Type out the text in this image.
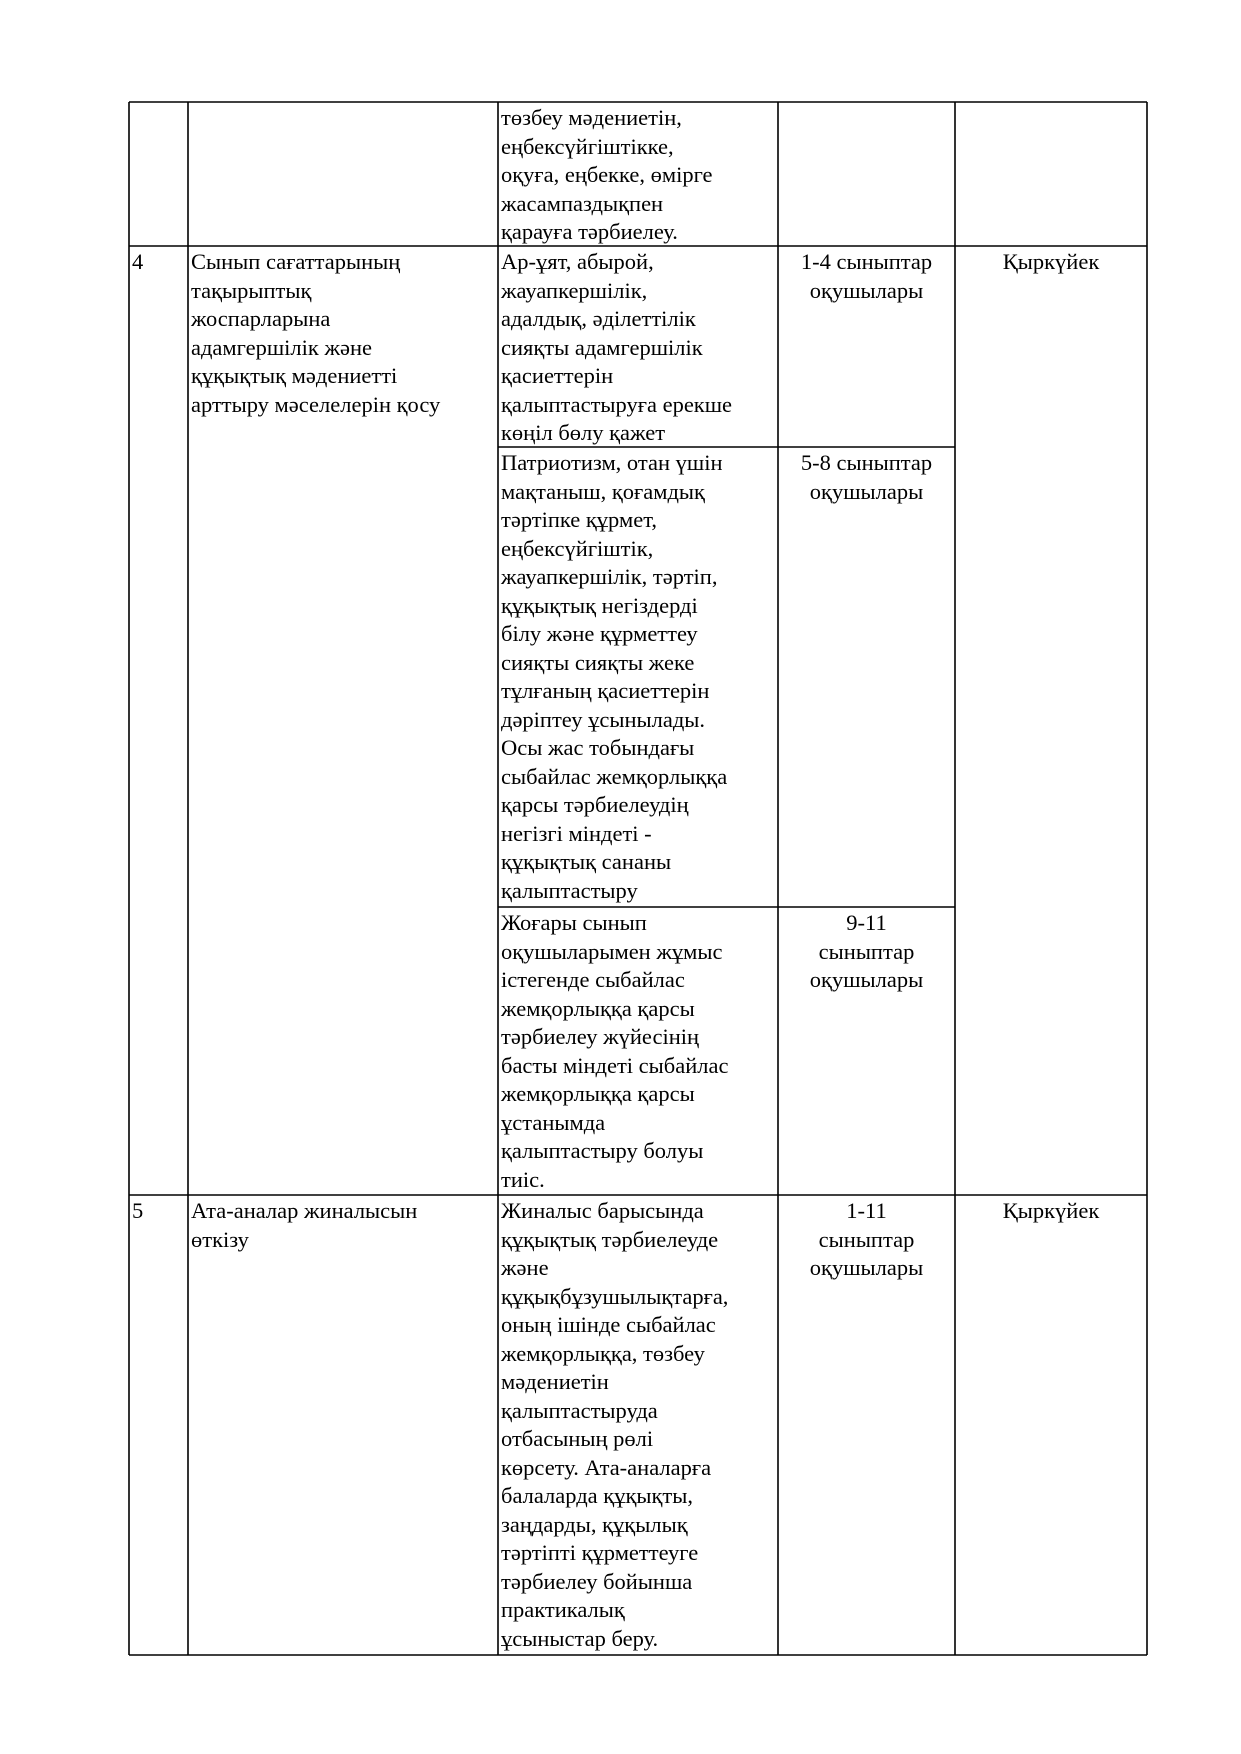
төзбеу мәдениетін,
еңбексүйгіштікке,
оқуға, еңбекке, өмірге
жасампаздықпен
қарауға тәрбиелеу.
4	Сынып сағаттарының
тақырыптық
жоспарларына
адамгершілік және
құқықтық мәдениетті
арттыру мәселелерін қосу
Ар-ұят, абырой,
жауапкершілік,
адалдық, әділеттілік
сияқты адамгершілік
қасиеттерін
қалыптастыруға ерекше
көңіл бөлу қажет
1-4 сыныптар
оқушылары
Патриотизм, отан үшін
мақтаныш, қоғамдық
тәртіпке құрмет,
еңбексүйгіштік,
жауапкершілік, тәртіп,
құқықтық негіздерді
білу және құрметтеу
сияқты сияқты жеке
тұлғаның қасиеттерін
дәріптеу ұсынылады.
Осы жас тобындағы
сыбайлас жемқорлыққа
қарсы тәрбиелеудің
негізгі міндеті -
құқықтық сананы
қалыптастыру
5-8 сыныптар
оқушылары
Жоғары сынып
оқушыларымен жұмыс
істегенде сыбайлас
жемқорлыққа қарсы
тәрбиелеу жүйесінің
басты міндеті сыбайлас
жемқорлыққа қарсы
ұстанымда
қалыптастыру болуы
тиіс.
9-11
сыныптар
оқушылары
Қыркүйек
5	Ата-аналар жиналысын
өткізу
Жиналыс барысында
құқықтық тәрбиелеуде
және
құқықбұзушылықтарға,
оның ішінде сыбайлас
жемқорлыққа, төзбеу
мәдениетін
қалыптастыруда
отбасының рөлі
көрсету. Ата-аналарға
балаларда құқықты,
заңдарды, құқылық
тәртіпті құрметтеуге
тәрбиелеу бойынша
практикалық
ұсыныстар беру.
1-11
сыныптар
оқушылары
Қыркүйек
